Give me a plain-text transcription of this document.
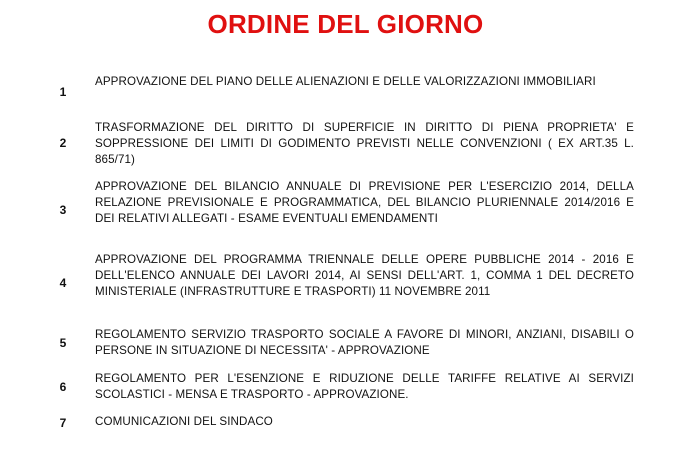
ORDINE DEL GIORNO
1
APPROVAZIONE DEL PIANO DELLE ALIENAZIONI E DELLE VALORIZZAZIONI IMMOBILIARI
2
TRASFORMAZIONE DEL DIRITTO DI SUPERFICIE IN DIRITTO DI PIENA PROPRIETA' E SOPPRESSIONE DEI LIMITI DI GODIMENTO PREVISTI NELLE CONVENZIONI ( EX ART.35 L. 865/71)
3
APPROVAZIONE DEL BILANCIO ANNUALE DI PREVISIONE PER L'ESERCIZIO 2014, DELLA RELAZIONE PREVISIONALE E PROGRAMMATICA, DEL BILANCIO PLURIENNALE 2014/2016 E DEI RELATIVI ALLEGATI - ESAME EVENTUALI EMENDAMENTI
4
APPROVAZIONE DEL PROGRAMMA TRIENNALE DELLE OPERE PUBBLICHE 2014 - 2016 E DELL'ELENCO ANNUALE DEI LAVORI 2014, AI SENSI DELL'ART. 1, COMMA 1 DEL DECRETO MINISTERIALE (INFRASTRUTTURE E TRASPORTI) 11 NOVEMBRE 2011
5
REGOLAMENTO SERVIZIO TRASPORTO SOCIALE A FAVORE DI MINORI, ANZIANI, DISABILI O PERSONE IN SITUAZIONE DI NECESSITA' - APPROVAZIONE
6
REGOLAMENTO PER L'ESENZIONE E RIDUZIONE DELLE TARIFFE RELATIVE AI SERVIZI SCOLASTICI - MENSA E TRASPORTO - APPROVAZIONE.
7	COMUNICAZIONI DEL SINDACO
